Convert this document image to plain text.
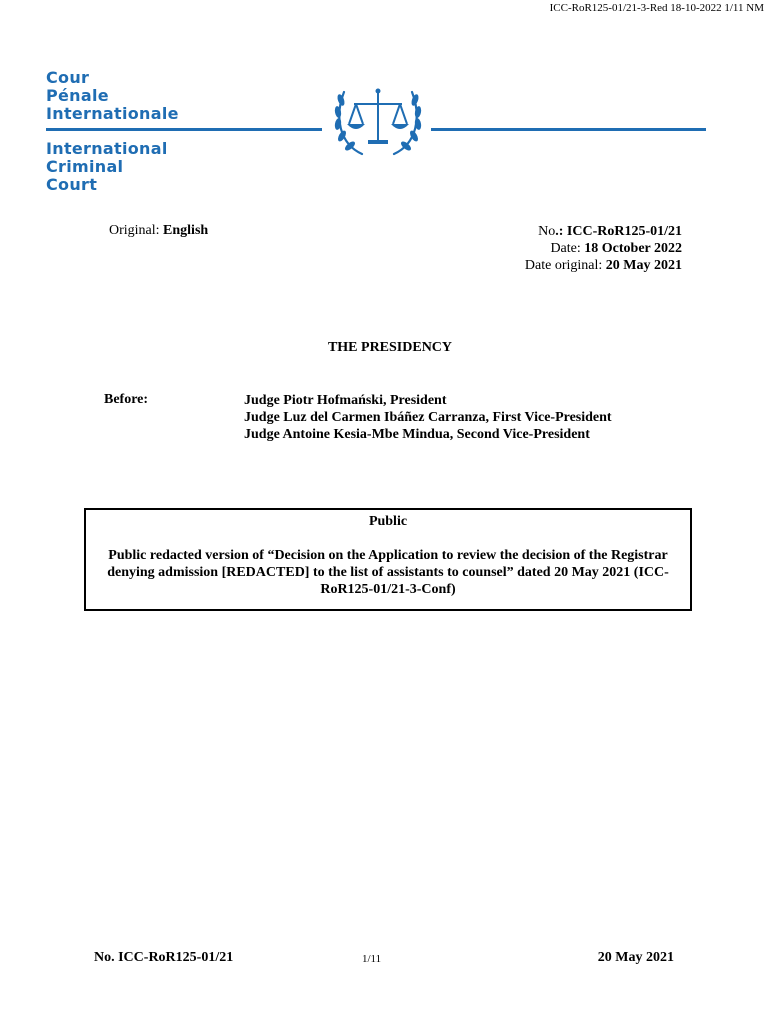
ICC-RoR125-01/21-3-Red 18-10-2022 1/11 NM
Cour
Pénale
Internationale
International
Criminal
Court
Original: English	No.: ICC-RoR125-01/21
Date: 18 October 2022
Date original: 20 May 2021
THE PRESIDENCY
Before:	Judge Piotr Hofmański, President
Judge Luz del Carmen Ibáñez Carranza, First Vice-President
Judge Antoine Kesia-Mbe Mindua, Second Vice-President
Public
Public redacted version of “Decision on the Application to review the decision of the Registrar denying admission [REDACTED] to the list of assistants to counsel” dated 20 May 2021 (ICC-RoR125-01/21-3-Conf)
No. ICC-RoR125-01/21	1/11	20 May 2021
